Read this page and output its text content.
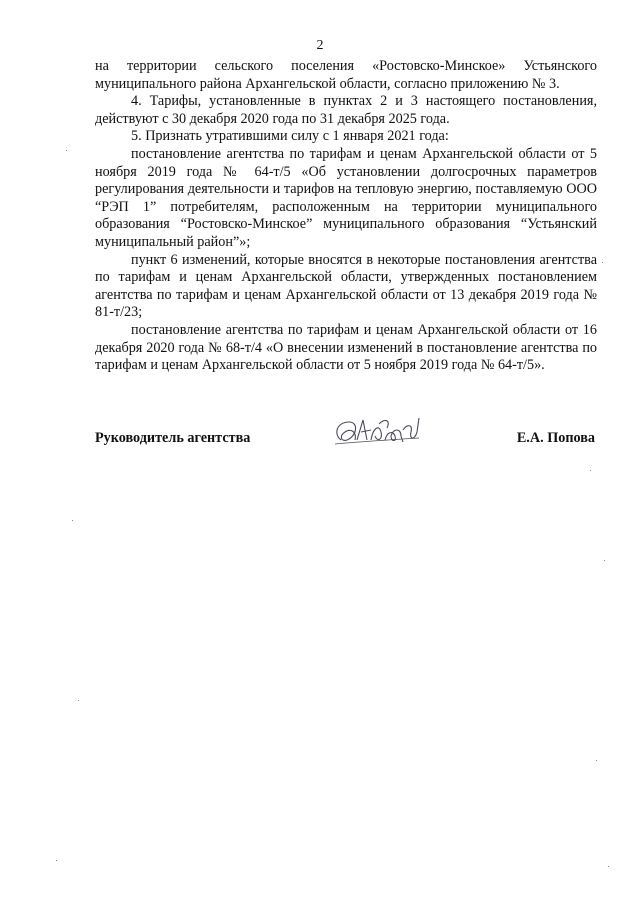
2

на территории сельского поселения «Ростовско-Минское» Устьянского муниципального района Архангельской области, согласно приложению № 3.

4. Тарифы, установленные в пунктах 2 и 3 настоящего постановления, действуют с 30 декабря 2020 года по 31 декабря 2025 года.

5. Признать утратившими силу с 1 января 2021 года:

постановление агентства по тарифам и ценам Архангельской области от 5 ноября 2019 года № 64-т/5 «Об установлении долгосрочных параметров регулирования деятельности и тарифов на тепловую энергию, поставляемую ООО “РЭП 1” потребителям, расположенным на территории муниципального образования “Ростовско-Минское” муниципального образования “Устьянский муниципальный район”»;

пункт 6 изменений, которые вносятся в некоторые постановления агентства по тарифам и ценам Архангельской области, утвержденных постановлением агентства по тарифам и ценам Архангельской области от 13 декабря 2019 года № 81-т/23;

постановление агентства по тарифам и ценам Архангельской области от 16 декабря 2020 года № 68-т/4 «О внесении изменений в постановление агентства по тарифам и ценам Архангельской области от 5 ноября 2019 года № 64-т/5».

Руководитель агентства	Е.А. Попова
